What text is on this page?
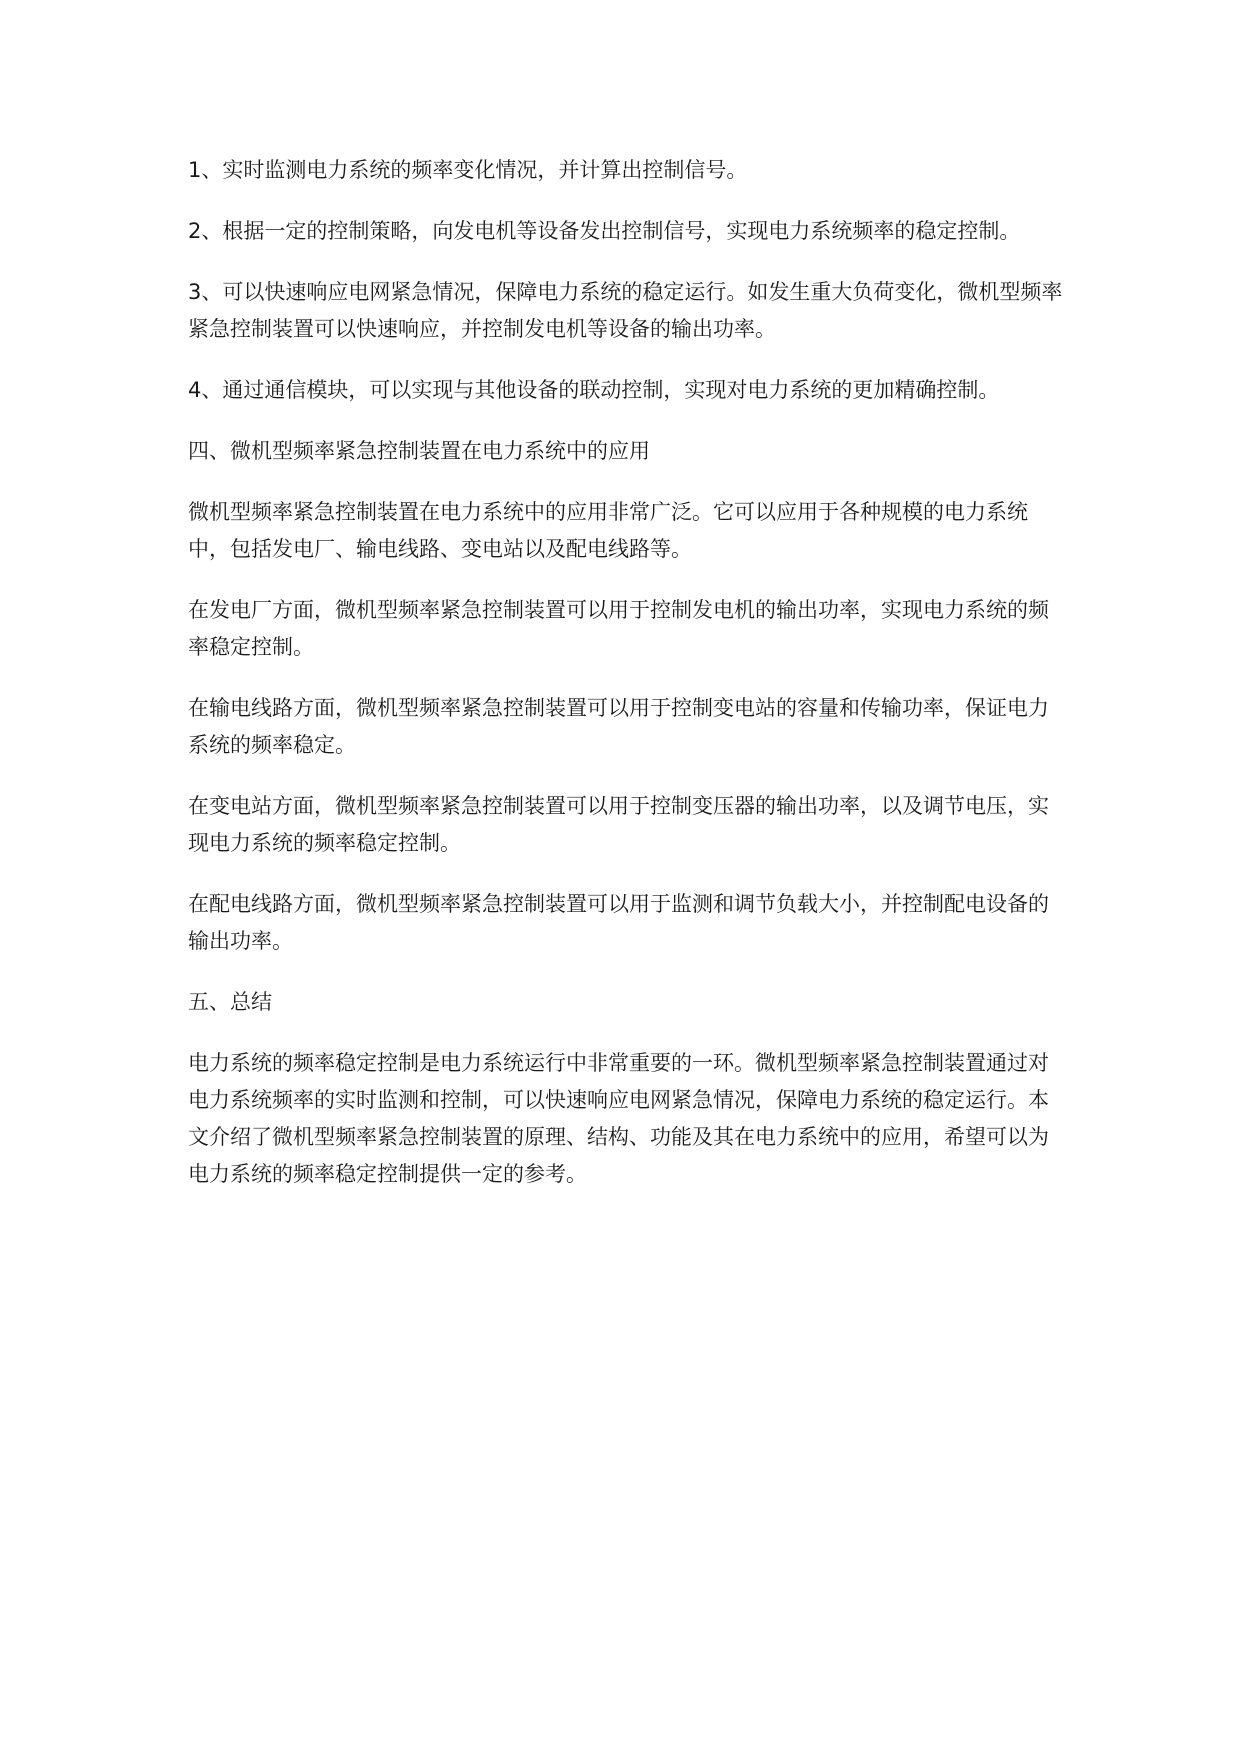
1、实时监测电力系统的频率变化情况，并计算出控制信号。

2、根据一定的控制策略，向发电机等设备发出控制信号，实现电力系统频率的稳定控制。

3、可以快速响应电网紧急情况，保障电力系统的稳定运行。如发生重大负荷变化，微机型频率紧急控制装置可以快速响应，并控制发电机等设备的输出功率。

4、通过通信模块，可以实现与其他设备的联动控制，实现对电力系统的更加精确控制。

四、微机型频率紧急控制装置在电力系统中的应用

微机型频率紧急控制装置在电力系统中的应用非常广泛。它可以应用于各种规模的电力系统中，包括发电厂、输电线路、变电站以及配电线路等。

在发电厂方面，微机型频率紧急控制装置可以用于控制发电机的输出功率，实现电力系统的频率稳定控制。

在输电线路方面，微机型频率紧急控制装置可以用于控制变电站的容量和传输功率，保证电力系统的频率稳定。

在变电站方面，微机型频率紧急控制装置可以用于控制变压器的输出功率，以及调节电压，实现电力系统的频率稳定控制。

在配电线路方面，微机型频率紧急控制装置可以用于监测和调节负载大小，并控制配电设备的输出功率。

五、总结

电力系统的频率稳定控制是电力系统运行中非常重要的一环。微机型频率紧急控制装置通过对电力系统频率的实时监测和控制，可以快速响应电网紧急情况，保障电力系统的稳定运行。本文介绍了微机型频率紧急控制装置的原理、结构、功能及其在电力系统中的应用，希望可以为电力系统的频率稳定控制提供一定的参考。
